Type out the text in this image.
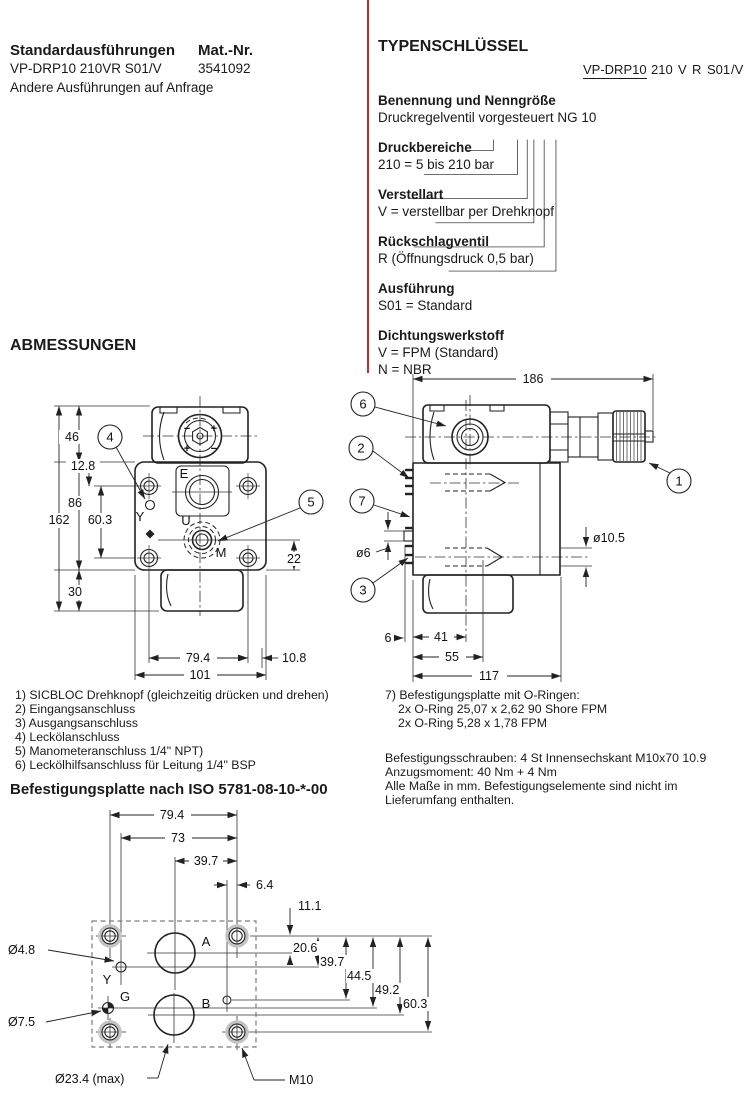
Standardausführungen Mat.-Nr.
VP-DRP10 210VR S01/V	3541092
Andere Ausführungen auf Anfrage
TYPENSCHLÜSSEL
VP-DRP10 210 V R S01 /V
Benennung und Nenngröße
Druckregelventil vorgesteuert NG 10
Druckbereiche
210 = 5 bis 210 bar
Verstellart
V = verstellbar per Drehknopf
Rückschlagventil
R (Öffnungsdruck 0,5 bar)
Ausführung
S01 = Standard
Dichtungswerkstoff
V = FPM (Standard)
N = NBR
ABMESSUNGEN
− +
+ −
E
U
M
Y
4
5
46
12.8
86
162 60.3
30
22
79.4
101
10.8
1
6
2
7
3
186
ø6
ø10.5
6	41
55
117
1) SICBLOC Drehknopf (gleichzeitig drücken und drehen)
2) Eingangsanschluss
3) Ausgangsanschluss
4) Leckölanschluss
5) Manometeranschluss 1/4" NPT)
6) Leckölhilfsanschluss für Leitung 1/4" BSP
7) Befestigungsplatte mit O-Ringen:
2x O-Ring 25,07 x 2,62 90 Shore FPM
2x O-Ring 5,28 x 1,78 FPM
Befestigungsschrauben: 4 St Innensechskant M10x70 10.9
Anzugsmoment: 40 Nm + 4 Nm
Alle Maße in mm. Befestigungselemente sind nicht im
Lieferumfang enthalten.
Befestigungsplatte nach ISO 5781-08-10-*-00
A
B
Y
G
79.4
73
39.7
6.4
11.1
20.6
39.7
44.5
49.2
60.3
Ø4.8
Ø7.5
Ø23.4 (max)	M10
